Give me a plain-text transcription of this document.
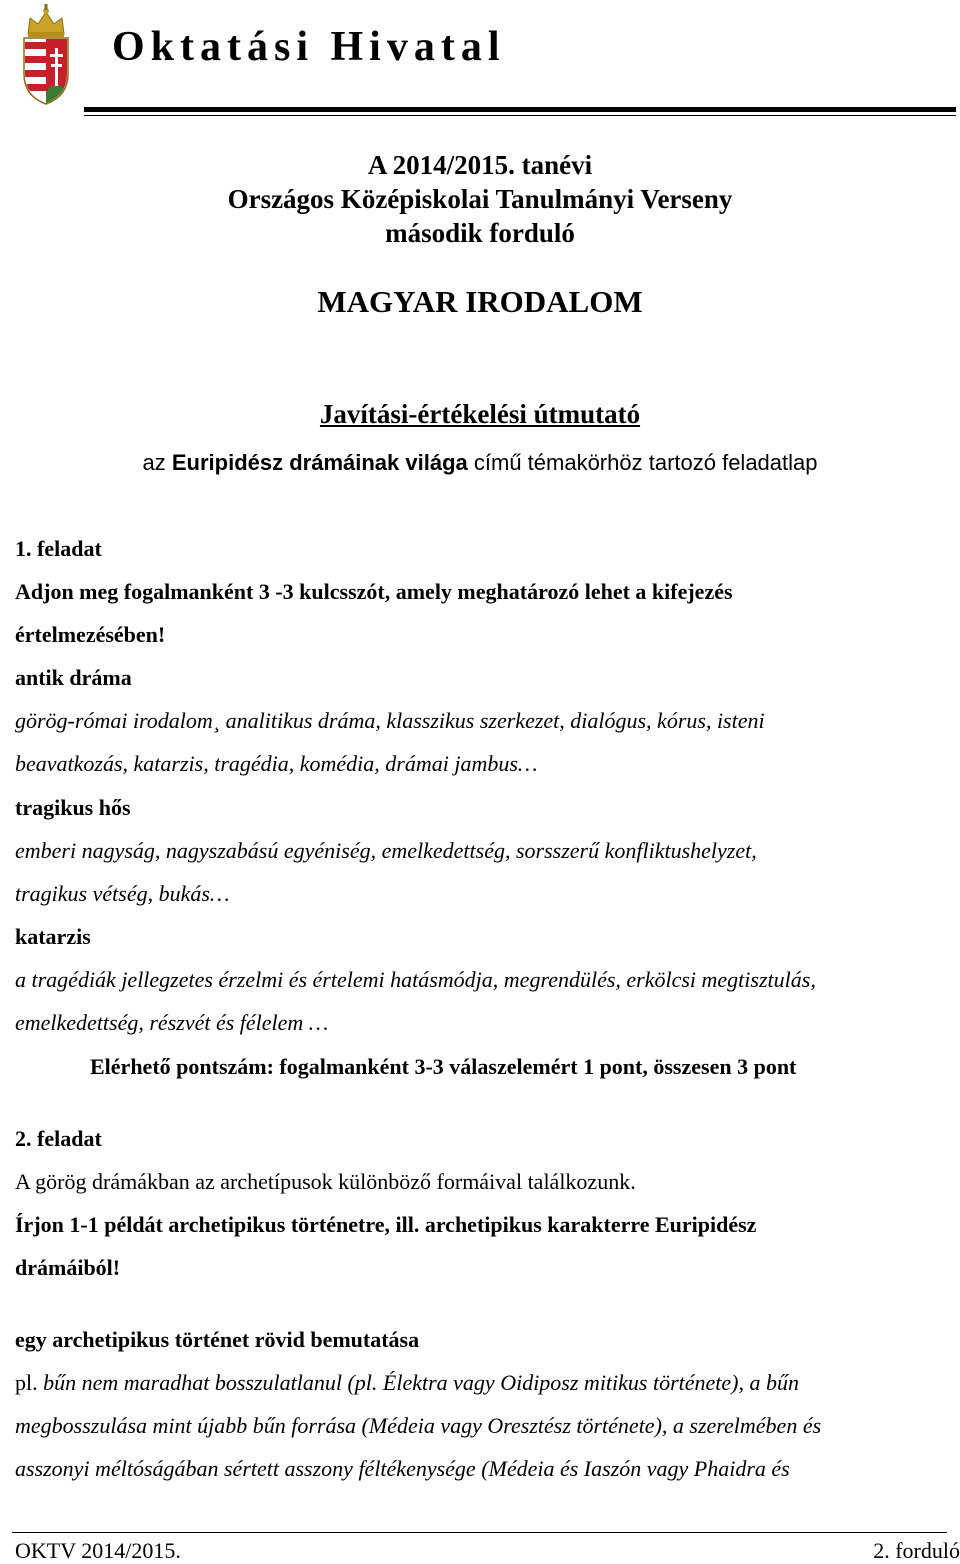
Oktatási Hivatal
A 2014/2015. tanévi
Országos Középiskolai Tanulmányi Verseny
második forduló
MAGYAR IRODALOM
Javítási-értékelési útmutató
az Euripidész drámáinak világa című témakörhöz tartozó feladatlap
1. feladat
Adjon meg fogalmanként 3 -3 kulcsszót, amely meghatározó lehet a kifejezés
értelmezésében!
antik dráma
görög-római irodalom¸ analitikus dráma, klasszikus szerkezet, dialógus, kórus, isteni
beavatkozás, katarzis, tragédia, komédia, drámai jambus…
tragikus hős
emberi nagyság, nagyszabású egyéniség, emelkedettség, sorsszerű konfliktushelyzet,
tragikus vétség, bukás…
katarzis
a tragédiák jellegzetes érzelmi és értelemi hatásmódja, megrendülés, erkölcsi megtisztulás,
emelkedettség, részvét és félelem …
Elérhető pontszám: fogalmanként 3-3 válaszelemért 1 pont, összesen 3 pont
2. feladat
A görög drámákban az archetípusok különböző formáival találkozunk.
Írjon 1-1 példát archetipikus történetre, ill. archetipikus karakterre Euripidész
drámáiból!
egy archetipikus történet rövid bemutatása
pl. bűn nem maradhat bosszulatlanul (pl. Élektra vagy Oidiposz mitikus története), a bűn
megbosszulása mint újabb bűn forrása (Médeia vagy Oresztész története), a szerelmében és
asszonyi méltóságában sértett asszony féltékenysége (Médeia és Iaszón vagy Phaidra és
OKTV 2014/2015.	2. forduló
